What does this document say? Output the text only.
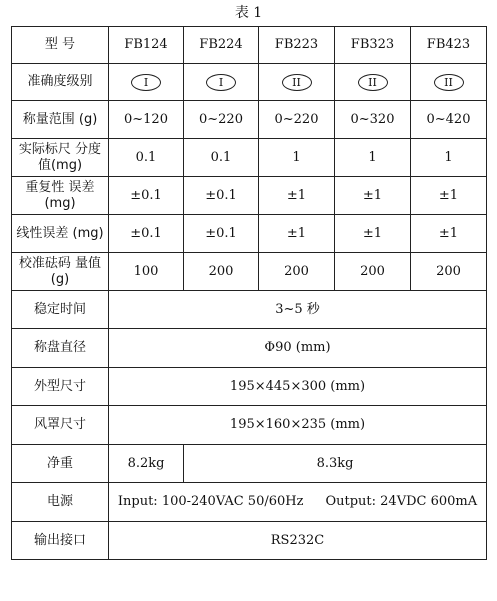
表 1
型 号	FB124	FB224	FB223	FB323	FB423
准确度级别	I	I	II	II	II
称量范围 (g)	0~120	0~220	0~220	0~320	0~420
实际标尺 分度值(mg)	0.1	0.1	1	1	1
重复性 误差(mg)	±0.1	±0.1	±1	±1	±1
线性误差 (mg)	±0.1	±0.1	±1	±1	±1
校准砝码 量值(g)	100	200	200	200	200
稳定时间	3~5 秒				
称盘直径	Φ90 (mm)				
外型尺寸	195×445×300 (mm)				
风罩尺寸	195×160×235 (mm)				
净重	8.2kg	8.3kg			
电源	Input: 100-240VAC 50/60Hz Output: 24VDC 600mA				
输出接口	RS232C				
